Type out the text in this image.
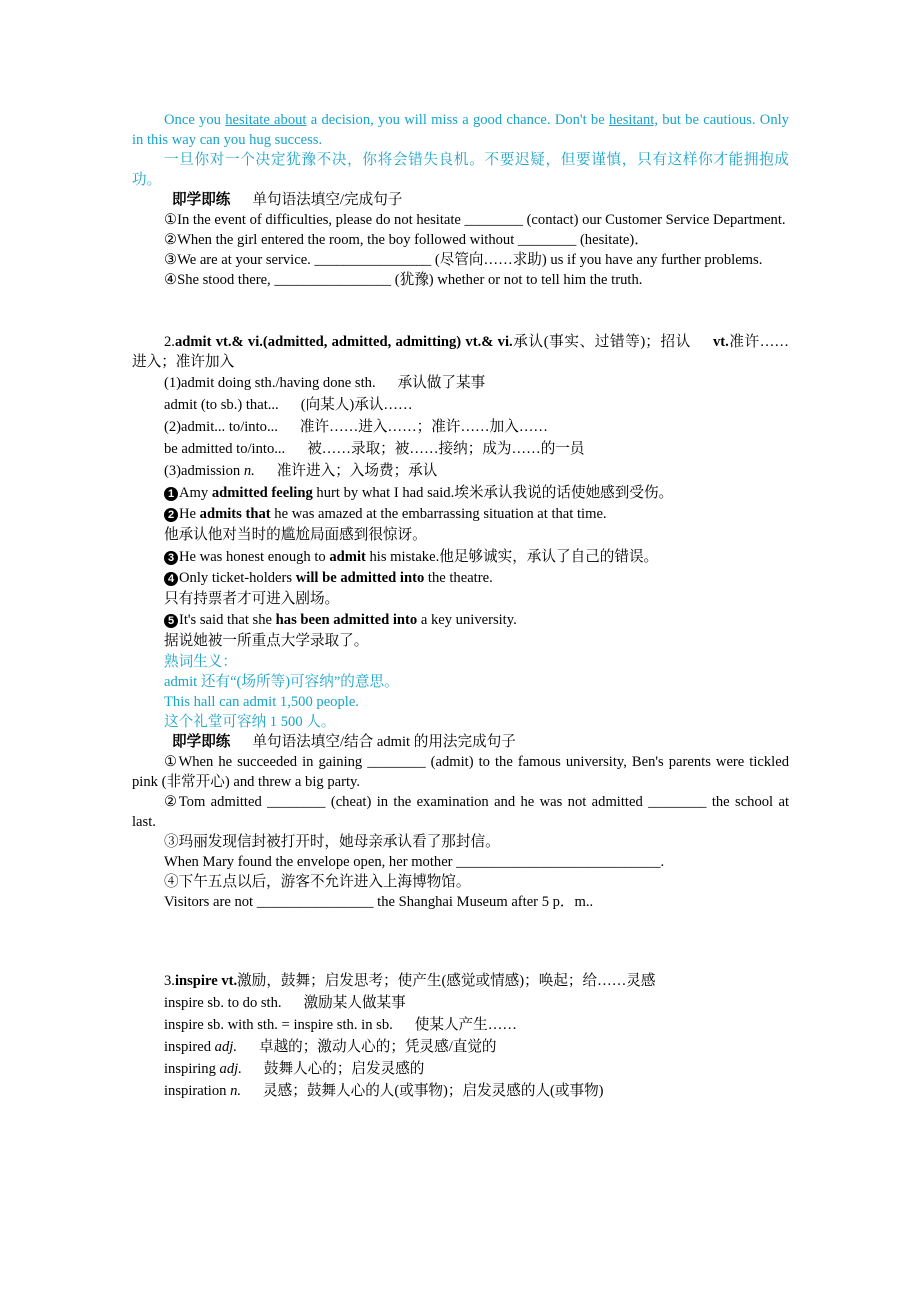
Once you hesitate about a decision, you will miss a good chance. Don't be hesitant, but be cautious. Only in this way can you hug success.

一旦你对一个决定犹豫不决，你将会错失良机。不要迟疑，但要谨慎，只有这样你才能拥抱成功。

即学即练 单句语法填空/完成句子

①In the event of difficulties, please do not hesitate ________ (contact) our Customer Service Department.

②When the girl entered the room, the boy followed without ________ (hesitate)．

③We are at your service. ________________ (尽管向……求助) us if you have any further problems.

④She stood there, ________________ (犹豫) whether or not to tell him the truth.

2.admit vt.& vi.(admitted, admitted, admitting) vt.& vi.承认(事实、过错等)；招认 vt.准许……进入；准许加入

(1)admit doing sth./having done sth. 承认做了某事

admit (to sb.) that... (向某人)承认……

(2)admit... to/into... 准许……进入……；准许……加入……

be admitted to/into... 被……录取；被……接纳；成为……的一员

(3)admission n. 准许进入；入场费；承认

1 Amy admitted feeling hurt by what I had said.埃米承认我说的话使她感到受伤。

2 He admits that he was amazed at the embarrassing situation at that time.

他承认他对当时的尴尬局面感到很惊讶。

3 He was honest enough to admit his mistake.他足够诚实，承认了自己的错误。

4 Only ticket-holders will be admitted into the theatre.

只有持票者才可进入剧场。

5 It's said that she has been admitted into a key university.

据说她被一所重点大学录取了。

熟词生义：

admit 还有“(场所等)可容纳”的意思。

This hall can admit 1,500 people.

这个礼堂可容纳 1 500 人。

即学即练 单句语法填空/结合 admit 的用法完成句子

①When he succeeded in gaining ________ (admit) to the famous university, Ben's parents were tickled pink (非常开心) and threw a big party.

②Tom admitted ________ (cheat) in the examination and he was not admitted ________ the school at last.

③玛丽发现信封被打开时，她母亲承认看了那封信。

When Mary found the envelope open, her mother ____________________________.

④下午五点以后，游客不允许进入上海博物馆。

Visitors are not ________________ the Shanghai Museum after 5 p．m..

3.inspire vt.激励，鼓舞；启发思考；使产生(感觉或情感)；唤起；给……灵感

inspire sb. to do sth. 激励某人做某事

inspire sb. with sth. = inspire sth. in sb. 使某人产生……

inspired adj. 卓越的；激动人心的；凭灵感/直觉的

inspiring adj. 鼓舞人心的；启发灵感的

inspiration n. 灵感；鼓舞人心的人(或事物)；启发灵感的人(或事物)
